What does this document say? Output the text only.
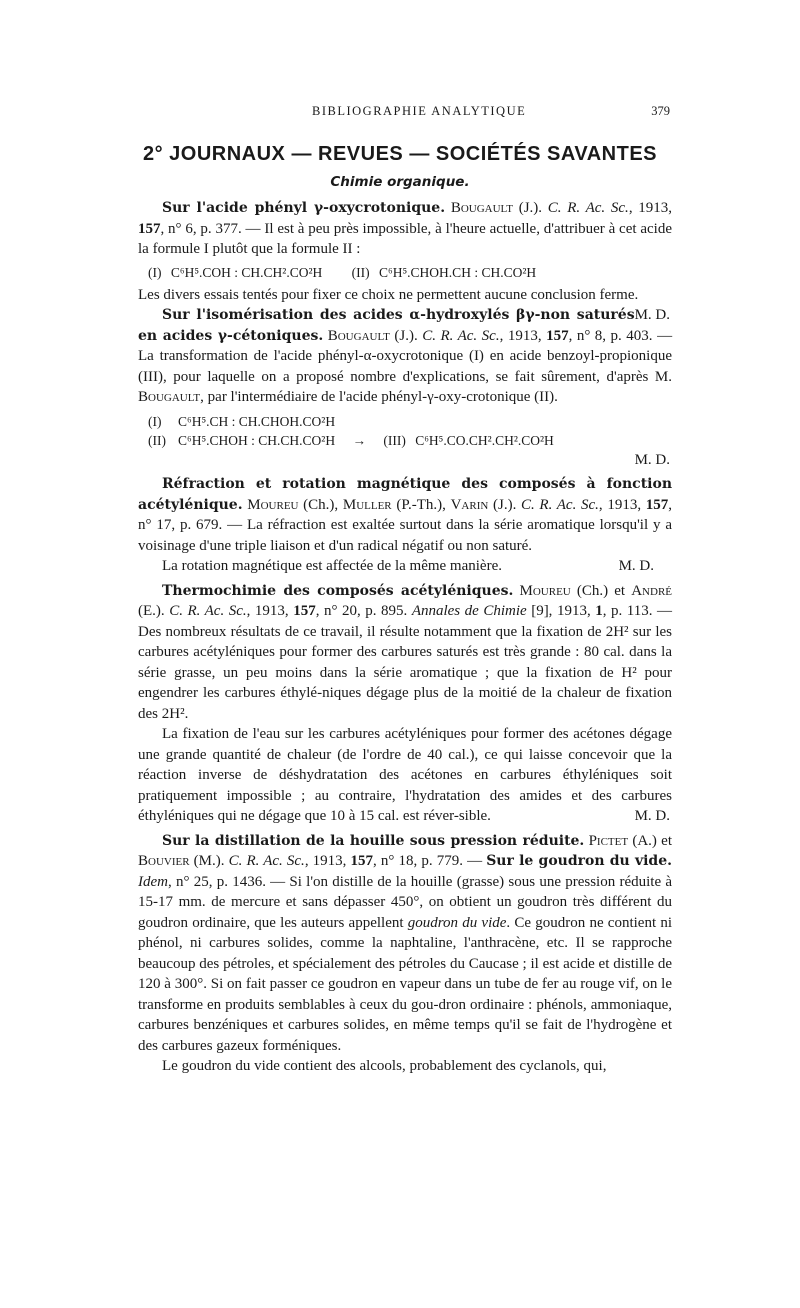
BIBLIOGRAPHIE ANALYTIQUE	379
2° JOURNAUX — REVUES — SOCIÉTÉS SAVANTES
Chimie organique.

Sur l'acide phényl γ-oxycrotonique. Bougault (J.). C. R. Ac. Sc., 1913, 157, n° 6, p. 377. — Il est à peu près impossible, à l'heure actuelle, d'attribuer à cet acide la formule I plutôt que la formule II :

(I) C⁶H⁵.COH : CH.CH².CO²H (II) C⁶H⁵.CHOH.CH : CH.CO²H

Les divers essais tentés pour fixer ce choix ne permettent aucune conclusion ferme.
M. D.

Sur l'isomérisation des acides α-hydroxylés βγ-non saturés en acides γ-cétoniques. Bougault (J.). C. R. Ac. Sc., 1913, 157, n° 8, p. 403. — La transformation de l'acide phényl-α-oxycrotonique (I) en acide benzoyl-propionique (III), pour laquelle on a proposé nombre d'explications, se fait sûrement, d'après M. Bougault, par l'intermédiaire de l'acide phényl-γ-oxy-crotonique (II).

(I) C⁶H⁵.CH : CH.CHOH.CO²H
(II) C⁶H⁵.CHOH : CH.CH.CO²H → (III) C⁶H⁵.CO.CH².CH².CO²H
M. D.

Réfraction et rotation magnétique des composés à fonction acétylénique. Moureu (Ch.), Muller (P.-Th.), Varin (J.). C. R. Ac. Sc., 1913, 157, n° 17, p. 679. — La réfraction est exaltée surtout dans la série aromatique lorsqu'il y a voisinage d'une triple liaison et d'un radical négatif ou non saturé.

La rotation magnétique est affectée de la même manière.	M. D.

Thermochimie des composés acétyléniques. Moureu (Ch.) et André (E.). C. R. Ac. Sc., 1913, 157, n° 20, p. 895. Annales de Chimie [9], 1913, 1, p. 113. — Des nombreux résultats de ce travail, il résulte notamment que la fixation de 2H² sur les carbures acétyléniques pour former des carbures saturés est très grande : 80 cal. dans la série grasse, un peu moins dans la série aromatique ; que la fixation de H² pour engendrer les carbures éthylé-niques dégage plus de la moitié de la chaleur de fixation des 2H².

La fixation de l'eau sur les carbures acétyléniques pour former des acétones dégage une grande quantité de chaleur (de l'ordre de 40 cal.), ce qui laisse concevoir que la réaction inverse de déshydratation des acétones en carbures éthyléniques soit pratiquement impossible ; au contraire, l'hydratation des amides et des carbures éthyléniques qui ne dégage que 10 à 15 cal. est réver-sible.	M. D.

Sur la distillation de la houille sous pression réduite. Pictet (A.) et Bouvier (M.). C. R. Ac. Sc., 1913, 157, n° 18, p. 779. — Sur le goudron du vide. Idem, n° 25, p. 1436. — Si l'on distille de la houille (grasse) sous une pression réduite à 15-17 mm. de mercure et sans dépasser 450°, on obtient un goudron très différent du goudron ordinaire, que les auteurs appellent goudron du vide. Ce goudron ne contient ni phénol, ni carbures solides, comme la naphtaline, l'anthracène, etc. Il se rapproche beaucoup des pétroles, et spécialement des pétroles du Caucase ; il est acide et distille de 120 à 300°. Si on fait passer ce goudron en vapeur dans un tube de fer au rouge vif, on le transforme en produits semblables à ceux du gou-dron ordinaire : phénols, ammoniaque, carbures benzéniques et carbures solides, en même temps qu'il se fait de l'hydrogène et des carbures gazeux forméniques.

Le goudron du vide contient des alcools, probablement des cyclanols, qui,
